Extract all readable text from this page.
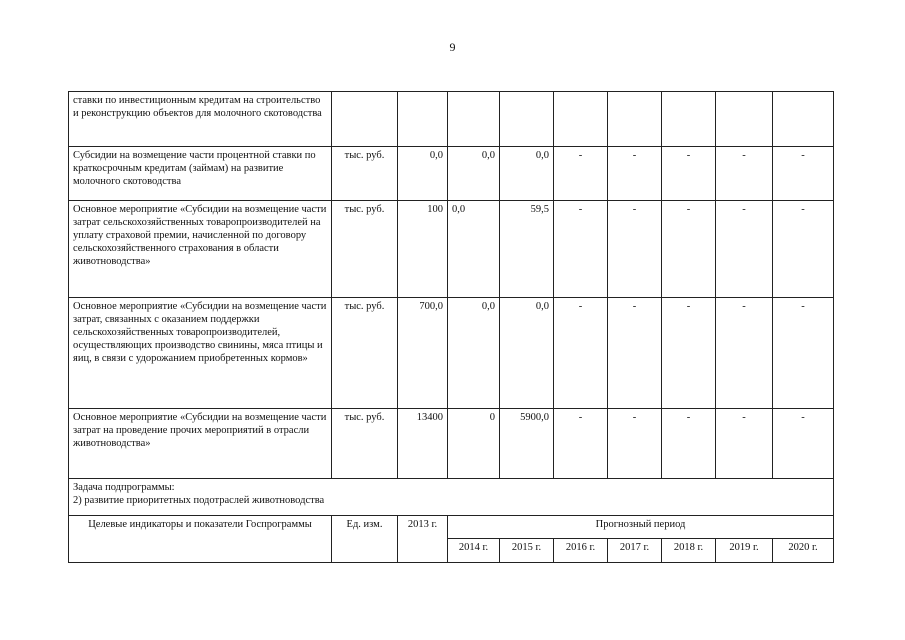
9
ставки по инвестиционным кредитам на строительство и реконструкцию объектов для молочного скотоводства									
Субсидии на возмещение части процентной ставки по краткосрочным кредитам (займам) на развитие молочного скотоводства	тыс. руб.	0,0	0,0	0,0	-	-	-	-	-
Основное мероприятие «Субсидии на возмещение части затрат сельскохозяйственных товаропроизводителей на уплату страховой премии, начисленной по договору сельскохозяйственного страхования в области животноводства»	тыс. руб.	100	0,0	59,5	-	-	-	-	-
Основное мероприятие «Субсидии на возмещение части затрат, связанных с оказанием поддержки сельскохозяйственных товаропроизводителей, осуществляющих производство свинины, мяса птицы и яиц, в связи с удорожанием приобретенных кормов»	тыс. руб.	700,0	0,0	0,0	-	-	-	-	-
Основное мероприятие «Субсидии на возмещение части затрат на проведение прочих мероприятий в отрасли животноводства»	тыс. руб.	13400	0	5900,0	-	-	-	-	-

Задача подпрограммы:
2) развитие приоритетных подотраслей животноводства									

Целевые индикаторы и показатели Госпрограммы	Ед. изм.	2013 г.	Прогнозный период						
			2014 г.	2015 г.	2016 г.	2017 г.	2018 г.	2019 г.	2020 г.
